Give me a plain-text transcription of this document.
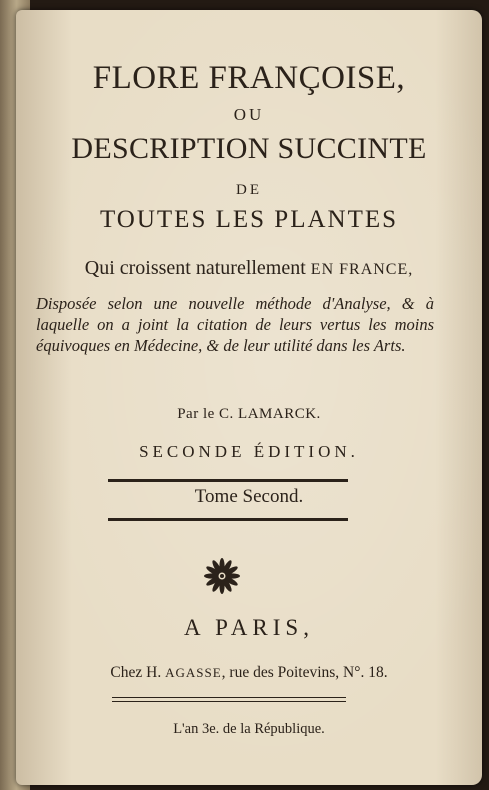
FLORE FRANÇOISE,
OU
DESCRIPTION SUCCINTE
DE
TOUTES LES PLANTES
Qui croissent naturellement EN FRANCE,
Disposée selon une nouvelle méthode d'Analyse, & à laquelle on a joint la citation de leurs vertus les moins équivoques en Médecine, & de leur utilité dans les Arts.
Par le C. LAMARCK.
SECONDE ÉDITION.
Tome Second.
A PARIS,
Chez H. AGASSE, rue des Poitevins, N°. 18.
L'an 3e. de la République.
